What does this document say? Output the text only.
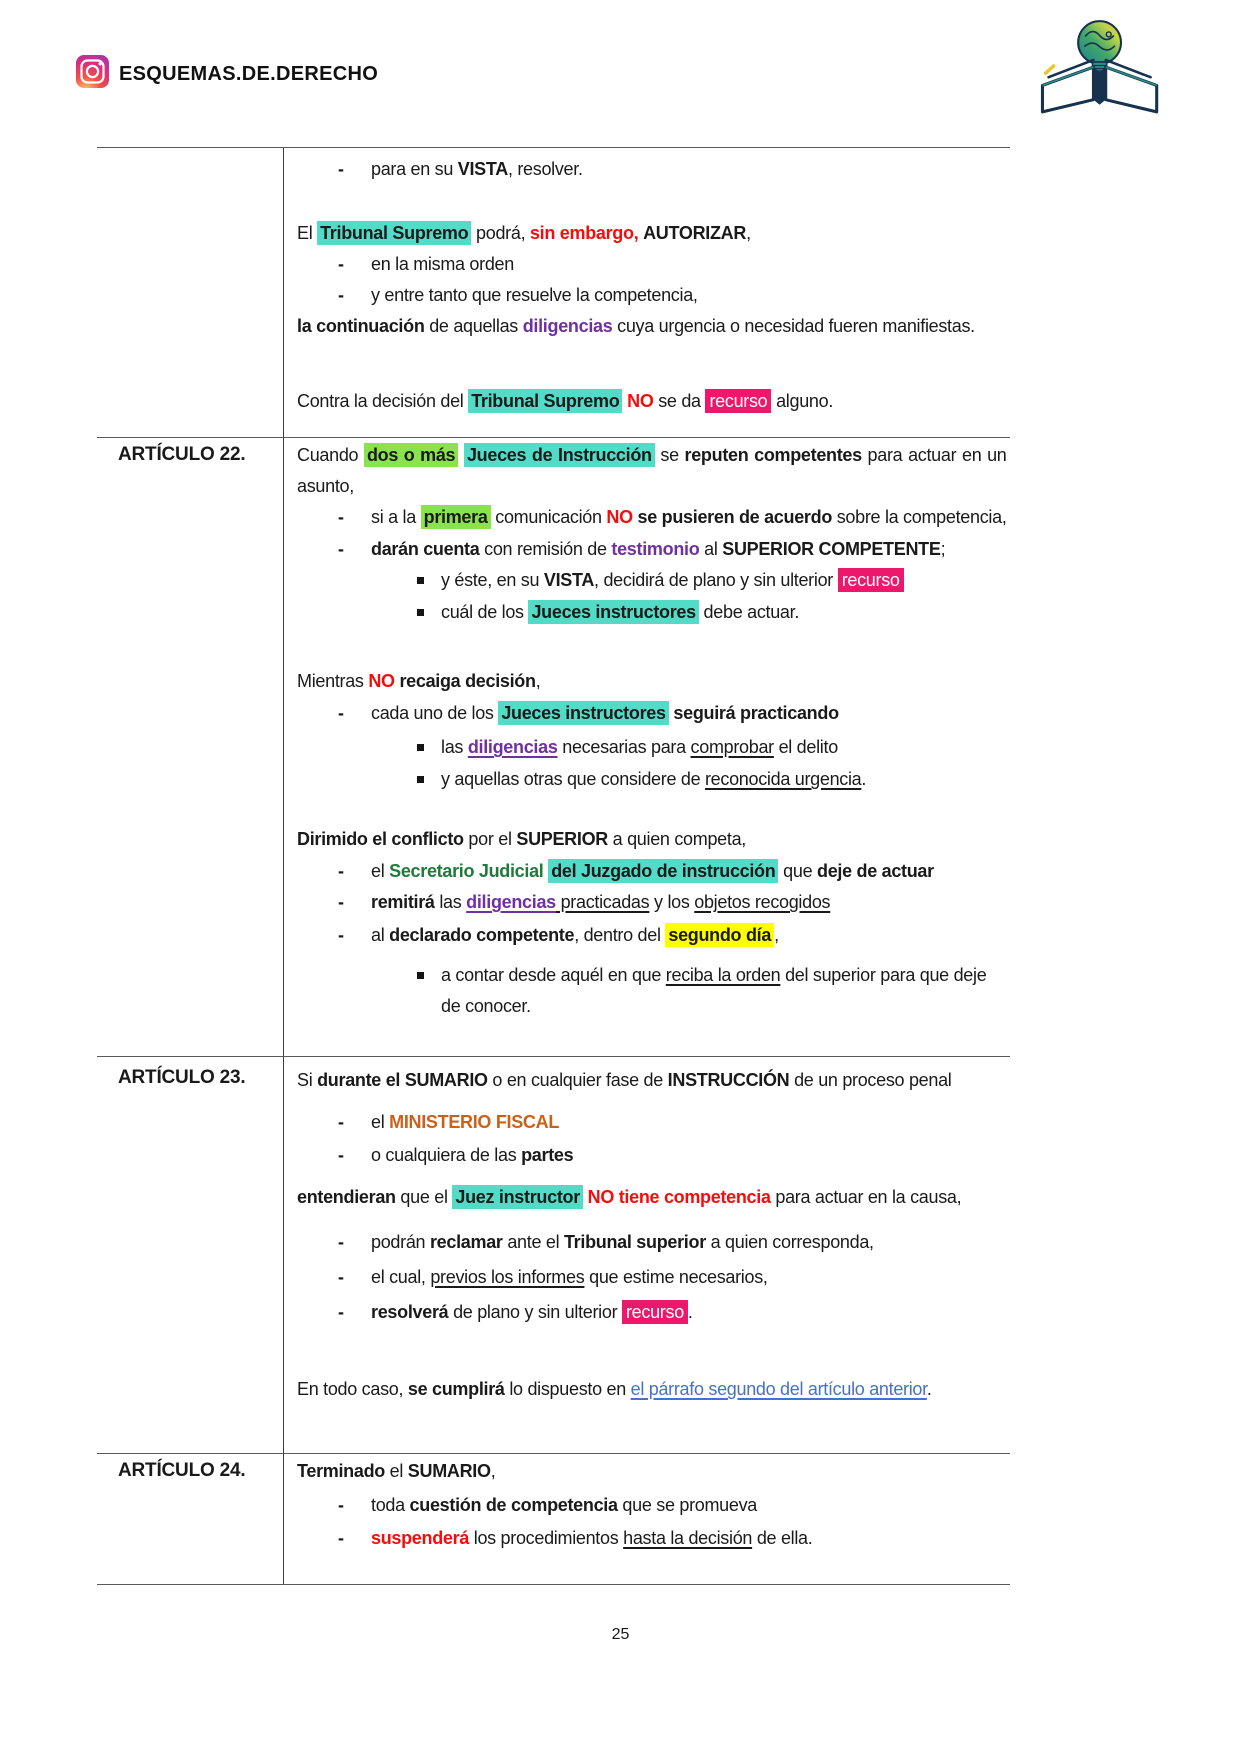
ESQUEMAS.DE.DERECHO
- para en su VISTA, resolver.
El Tribunal Supremo podrá, sin embargo, AUTORIZAR,
- en la misma orden
- y entre tanto que resuelve la competencia,
la continuación de aquellas diligencias cuya urgencia o necesidad fueren manifiestas.
Contra la decisión del Tribunal Supremo NO se da recurso alguno.
ARTÍCULO 22.	Cuando dos o más Jueces de Instrucción se reputen competentes para actuar en un asunto,
- si a la primera comunicación NO se pusieren de acuerdo sobre la competencia,
- darán cuenta con remisión de testimonio al SUPERIOR COMPETENTE;
y éste, en su VISTA, decidirá de plano y sin ulterior recurso
cuál de los Jueces instructores debe actuar.
Mientras NO recaiga decisión,
- cada uno de los Jueces instructores seguirá practicando
las diligencias necesarias para comprobar el delito
y aquellas otras que considere de reconocida urgencia.
Dirimido el conflicto por el SUPERIOR a quien competa,
- el Secretario Judicial del Juzgado de instrucción que deje de actuar
- remitirá las diligencias practicadas y los objetos recogidos
- al declarado competente, dentro del segundo día ,
a contar desde aquél en que reciba la orden del superior para que deje de conocer.
ARTÍCULO 23.	Si durante el SUMARIO o en cualquier fase de INSTRUCCIÓN de un proceso penal
- el MINISTERIO FISCAL
- o cualquiera de las partes
entendieran que el Juez instructor NO tiene competencia para actuar en la causa,
- podrán reclamar ante el Tribunal superior a quien corresponda,
- el cual, previos los informes que estime necesarios,
- resolverá de plano y sin ulterior recurso .
En todo caso, se cumplirá lo dispuesto en el párrafo segundo del artículo anterior.
ARTÍCULO 24.	Terminado el SUMARIO,
- toda cuestión de competencia que se promueva
- suspenderá los procedimientos hasta la decisión de ella.
25
